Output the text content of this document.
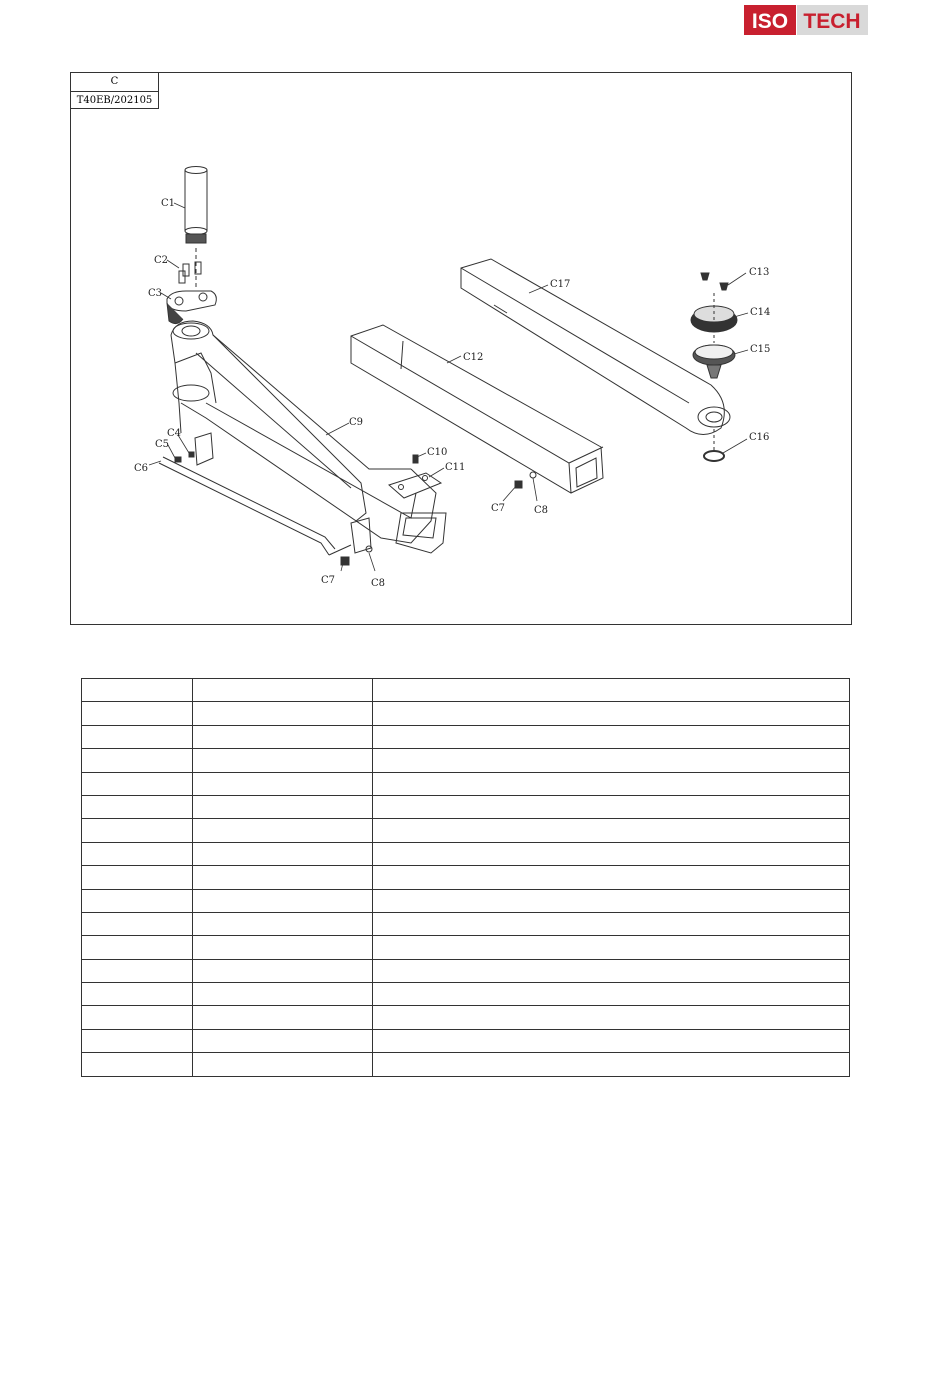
ISO TECH
C1
C2
C3
C4
C5
C6
C7	C8
C9
C10
C11
C12
C7	C8
C13
C14
C15
C16
C17
C
T40EB/202105
